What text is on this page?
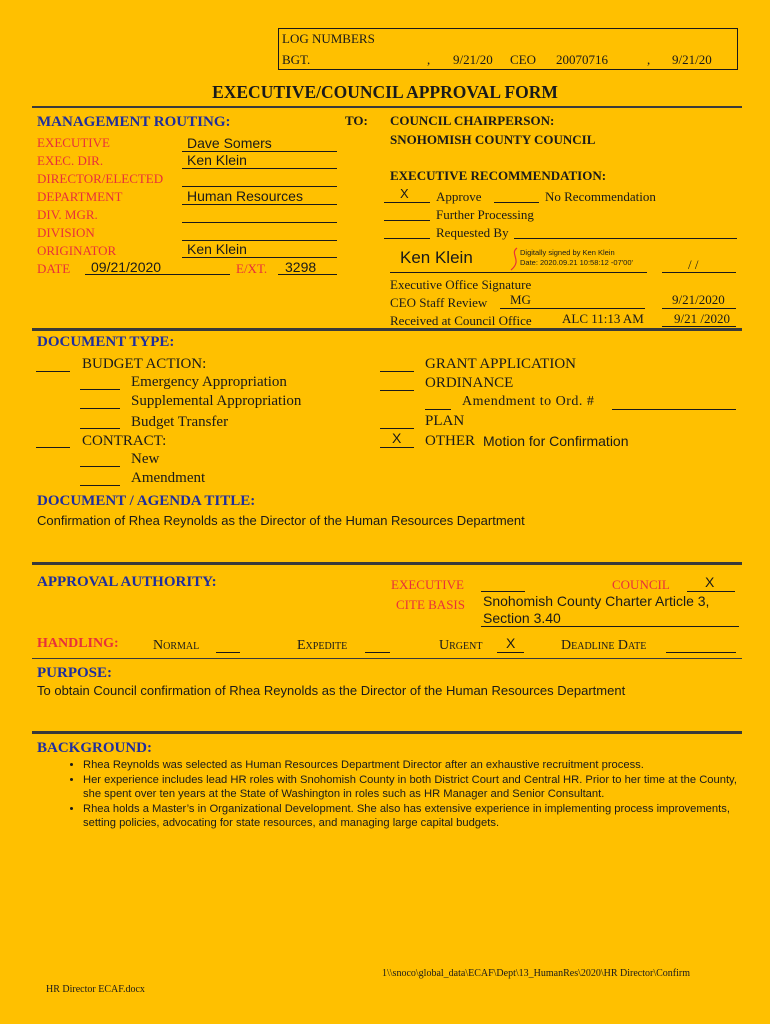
LOG NUMBERS
BGT.	, 9/21/20 CEO 20070716	, 9/21/20
EXECUTIVE/COUNCIL APPROVAL FORM
MANAGEMENT ROUTING:	TO:
EXECUTIVE	Dave Somers
EXEC. DIR.	Ken Klein
DIRECTOR/ELECTED
DEPARTMENT	Human Resources
DIV. MGR.
DIVISION
ORIGINATOR	Ken Klein
DATE 09/21/2020	E/XT. 3298
COUNCIL CHAIRPERSON:
SNOHOMISH COUNTY COUNCIL
EXECUTIVE RECOMMENDATION:
X Approve	No Recommendation
Further Processing
Requested By
Ken Klein	Digitally signed by Ken Klein
Date: 2020.09.21 10:58:12 -07'00'	/ /
Executive Office Signature
CEO Staff Review MG	9/21/2020
Received at Council Office ALC 11:13 AM 9/21 /2020
DOCUMENT TYPE:
BUDGET ACTION:
Emergency Appropriation
Supplemental Appropriation
Budget Transfer
CONTRACT:
New
Amendment
GRANT APPLICATION
ORDINANCE
Amendment to Ord. #
PLAN
X OTHER Motion for Confirmation
DOCUMENT / AGENDA TITLE:
Confirmation of Rhea Reynolds as the Director of the Human Resources Department
APPROVAL AUTHORITY:	EXECUTIVE	COUNCIL	X
CITE BASIS Snohomish County Charter Article 3,
Section 3.40
HANDLING: Normal	Expedite	Urgent X	Deadline Date
PURPOSE:
To obtain Council confirmation of Rhea Reynolds as the Director of the Human Resources Department
BACKGROUND:
• Rhea Reynolds was selected as Human Resources Department Director after an exhaustive recruitment process.
• Her experience includes lead HR roles with Snohomish County in both District Court and Central HR. Prior to her time at the County, she spent over ten years at the State of Washington in roles such as HR Manager and Senior Consultant.
• Rhea holds a Master’s in Organizational Development. She also has extensive experience in implementing process improvements, setting policies, advocating for state resources, and managing large capital budgets.
1\\snoco\global_data\ECAF\Dept\13_HumanRes\2020\HR Director\Confirm
HR Director ECAF.docx
